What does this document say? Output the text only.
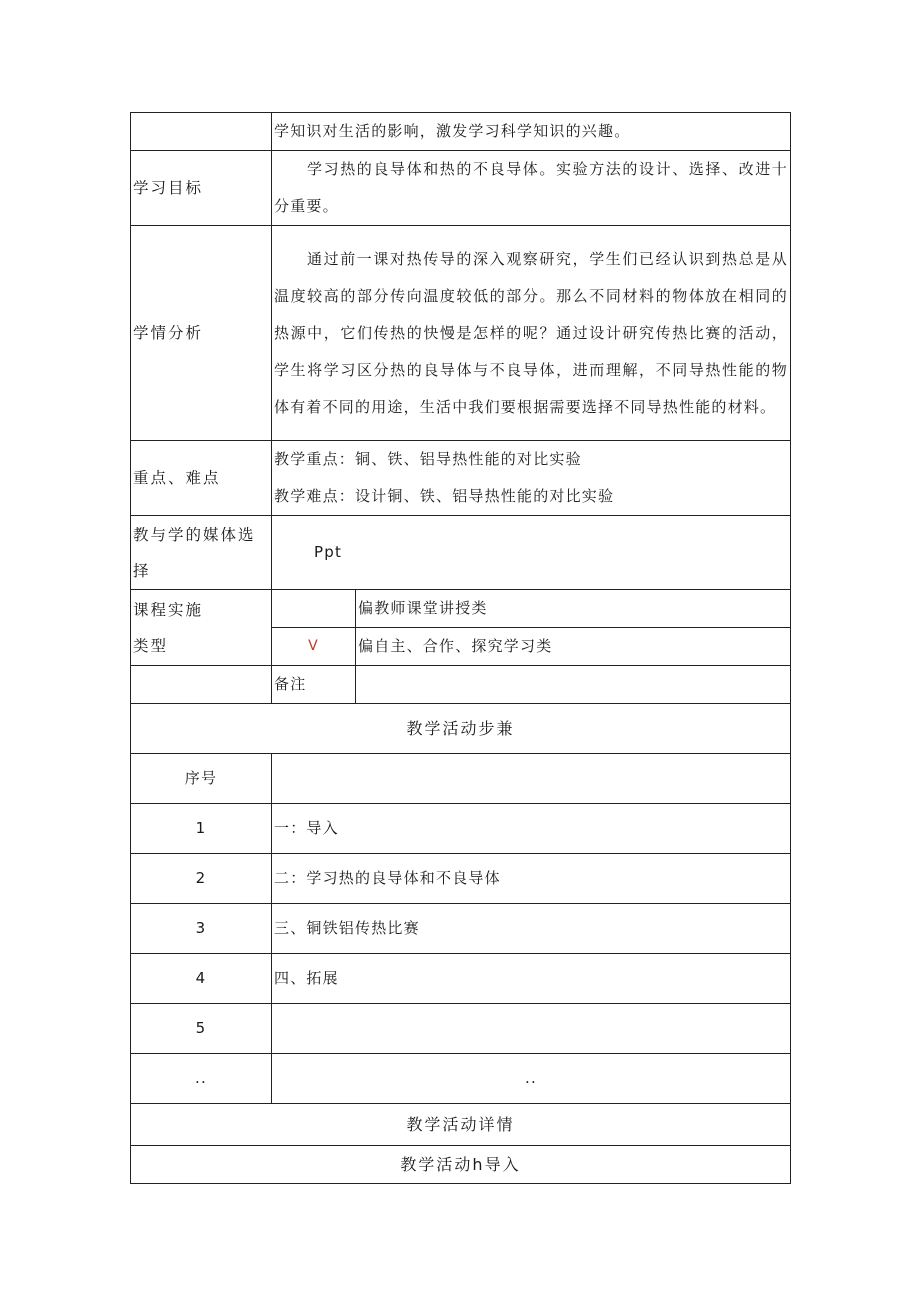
	学知识对生活的影响，激发学习科学知识的兴趣。	
学习目标	学习热的良导体和热的不良导体。实验方法的设计、选择、改进十分重要。	
学情分析	通过前一课对热传导的深入观察研究，学生们已经认识到热总是从温度较高的部分传向温度较低的部分。那么不同材料的物体放在相同的热源中，它们传热的快慢是怎样的呢？通过设计研究传热比赛的活动，学生将学习区分热的良导体与不良导体，进而理解，不同导热性能的物体有着不同的用途，生活中我们要根据需要选择不同导热性能的材料。	
重点、难点	教学重点：铜、铁、铝导热性能的对比实验
教学难点：设计铜、铁、铝导热性能的对比实验	

教与学的媒体选择	Ppt	

课程实施
类型		偏教师课堂讲授类
	V	偏自主、合作、探究学习类
	备注	
教学活动步兼		
序号		
1	一：导入	
2	二：学习热的良导体和不良导体	
3	三、铜铁铝传热比赛	
4	四、拓展	
5		
..	..	
教学活动详情		
教学活动h导入		
